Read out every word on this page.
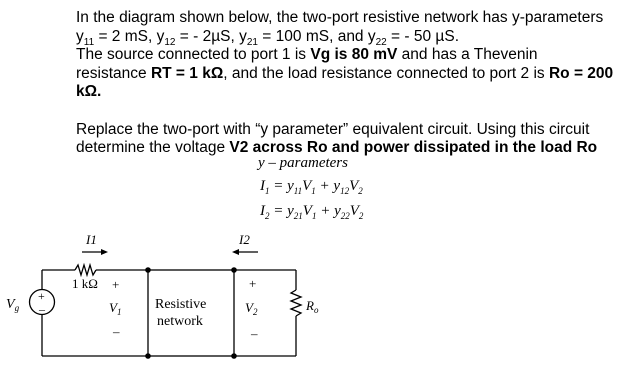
In the diagram shown below, the two-port resistive network has y-parameters
$y_{11} = 2$ mS, $y_{12}$ = - 2µS, $y_{21} = 100$ mS, and $y_{22}$ = - 50 µS.
The source connected to port 1 is Vg is 80 mV and has a Thevenin
resistance RT = 1 kΩ, and the load resistance connected to port 2 is Ro = 200
kΩ.
Replace the two-port with “y parameter” equivalent circuit. Using this circuit
determine the voltage V2 across Ro and power dissipated in the load Ro
y – parameters
$I_1 = y_{11}V_1 + y_{12}V_2$
$I_2 = y_{21}V_1 + y_{22}V_2$
I1	I2
1 kΩ +	+
–	–
$V_1$	$V_2$
$V_g$	$R_o$
+
–	Resistive
network
